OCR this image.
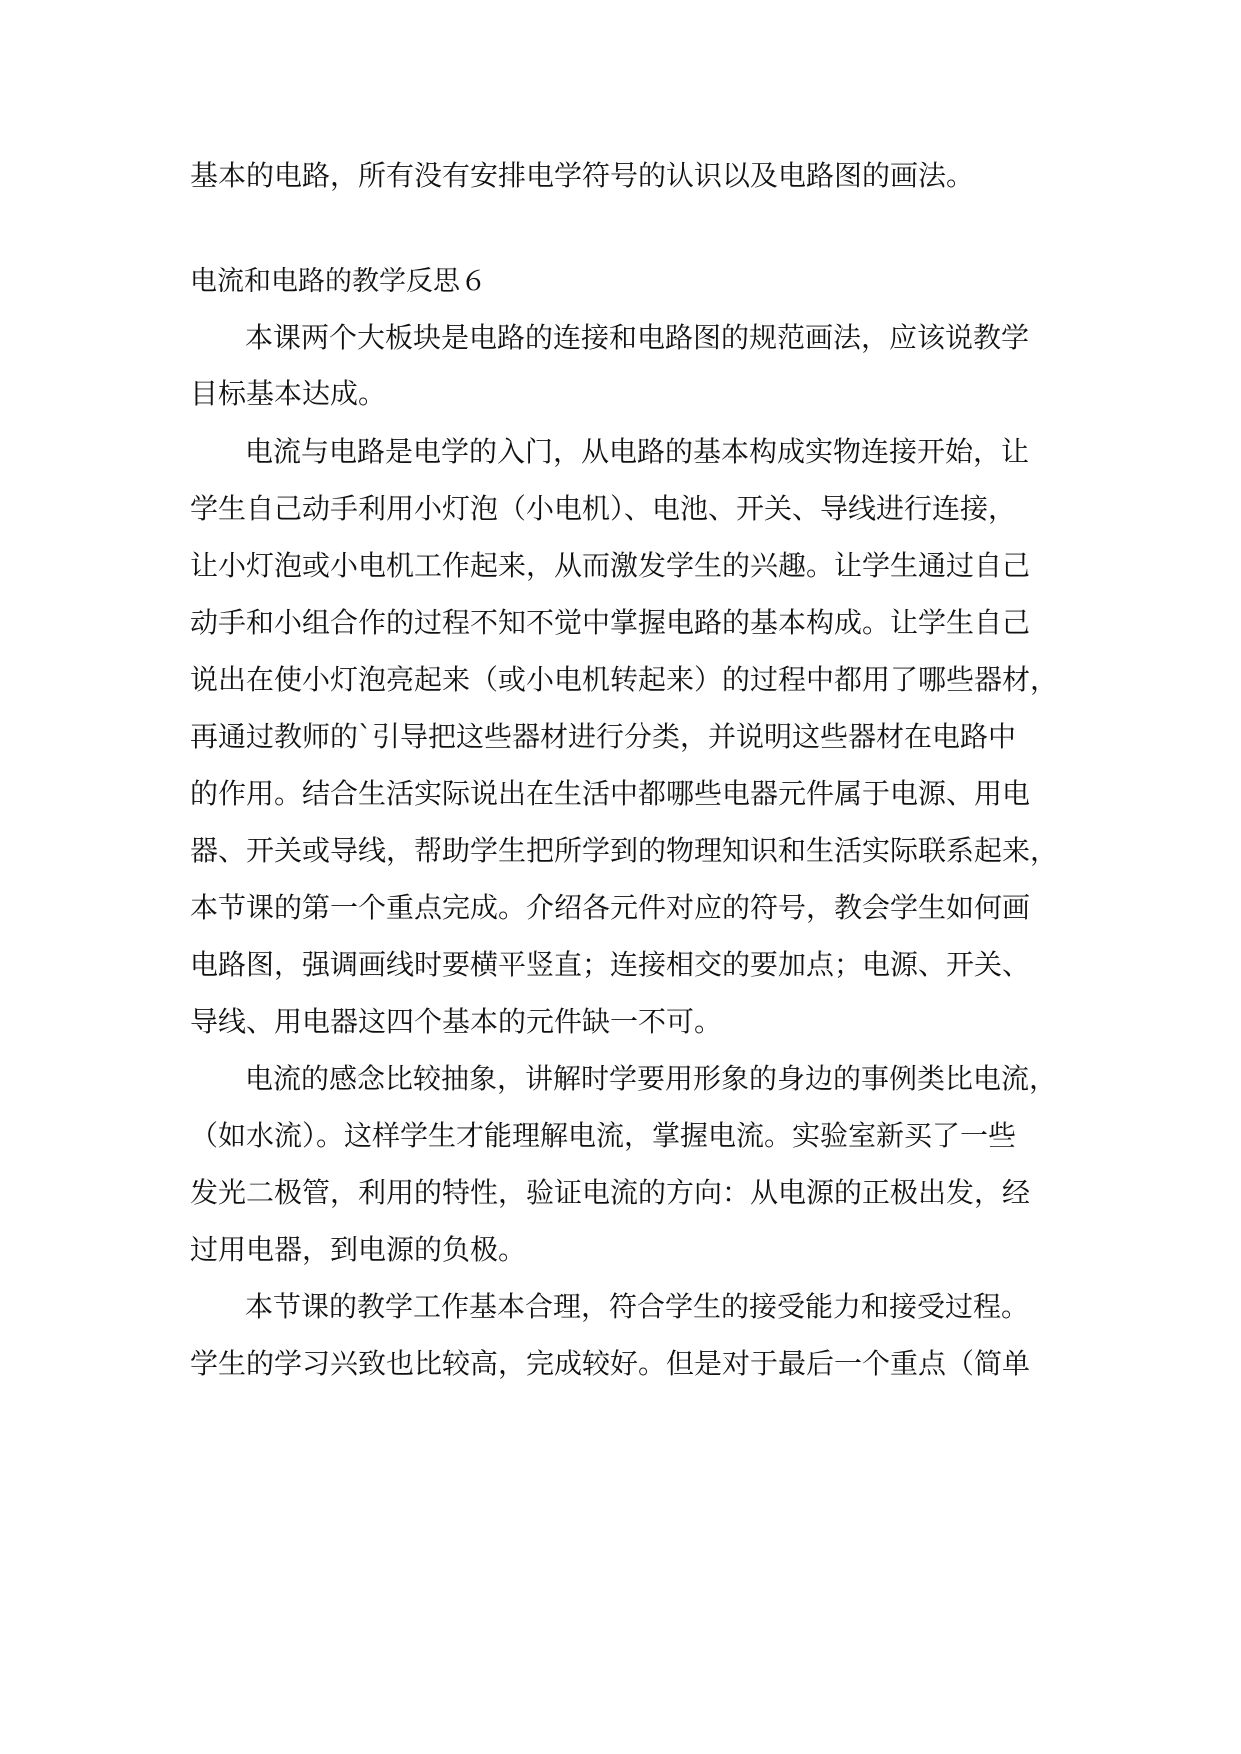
基本的电路，所有没有安排电学符号的认识以及电路图的画法。
电流和电路的教学反思６
本课两个大板块是电路的连接和电路图的规范画法，应该说教学
目标基本达成。
电流与电路是电学的入门，从电路的基本构成实物连接开始，让
学生自己动手利用小灯泡（小电机）、电池、开关、导线进行连接，
让小灯泡或小电机工作起来，从而激发学生的兴趣。让学生通过自己
动手和小组合作的过程不知不觉中掌握电路的基本构成。让学生自己
说出在使小灯泡亮起来（或小电机转起来）的过程中都用了哪些器材，
再通过教师的`引导把这些器材进行分类，并说明这些器材在电路中
的作用。结合生活实际说出在生活中都哪些电器元件属于电源、用电
器、开关或导线，帮助学生把所学到的物理知识和生活实际联系起来，
本节课的第一个重点完成。介绍各元件对应的符号，教会学生如何画
电路图，强调画线时要横平竖直；连接相交的要加点；电源、开关、
导线、用电器这四个基本的元件缺一不可。
电流的感念比较抽象，讲解时学要用形象的身边的事例类比电流，
（如水流）。这样学生才能理解电流，掌握电流。实验室新买了一些
发光二极管，利用的特性，验证电流的方向：从电源的正极出发，经
过用电器，到电源的负极。
本节课的教学工作基本合理，符合学生的接受能力和接受过程。
学生的学习兴致也比较高，完成较好。但是对于最后一个重点（简单
